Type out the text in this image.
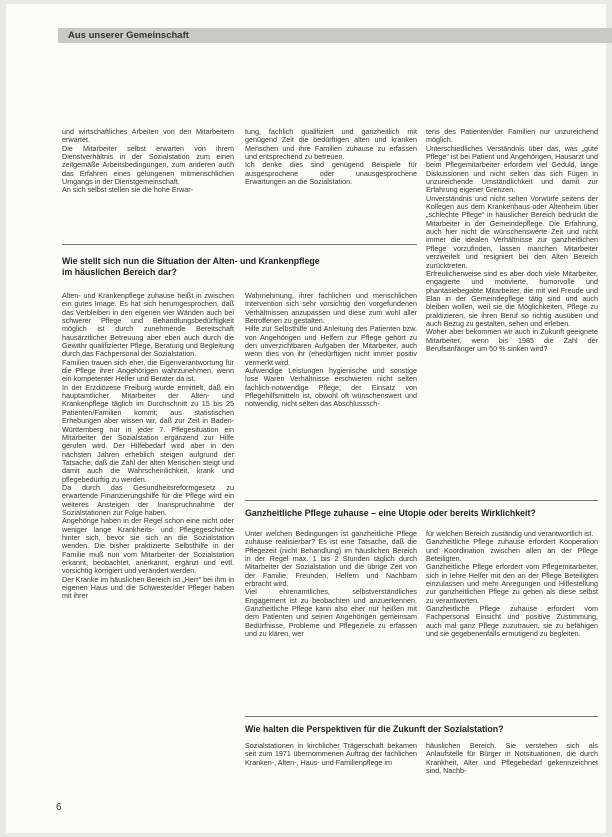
Aus unserer Gemeinschaft

und wirtschaftliches Arbeiten von den Mitarbeitern erwartet.

Die Mitarbeiter selbst erwarten von ihrem Dienstverhältnis in der Sozialstation zum einen zeitgemäße Arbeitsbedingungen, zum anderen auch das Erfahren eines gelungenen mitmenschlichen Umgangs in der Dienstgemeinschaft.

An sich selbst stellen sie die hohe Erwar-

tung, fachlich qualifiziert und ganzheitlich mit genügend Zeit die bedürftigen alten und kranken Menschen und ihre Familien zuhause zu erfassen und entsprechend zu betreuen.

Ich denke dies sind genügend Beispiele für ausgesprochene oder unausgesprochene Erwartungen an die Sozialstation.

tens des Patienten/der Familien nur unzureichend möglich.

Unterschiedliches Verständnis über das, was „gute Pflege“ ist bei Patient und Angehörigen, Hausarzt und beim Pflegemitarbeiter erfordern viel Geduld, lange Diskussionen und nicht selten das sich Fügen in unzureichende Umständlichkeit und damit zur Erfahrung eigener Grenzen.

Unverständnis und nicht selten Vorwürfe seitens der Kollegen aus dem Krankenhaus oder Altenheim über „schlechte Pflege“ in häuslicher Bereich bedrückt die Mitarbeiter in der Gemeindepflege. Die Erfahrung, auch hier nicht die wünschenswerte Zeit und nicht immer die idealen Verhältnisse zur ganzheitlichen Pflege vorzufinden, lassen manchen Mitarbeiter verzweifelt und resigniert bei den Alten Bereich zurücktreten.

Erfreulicherweise sind es aber doch viele Mitarbeiter, engagierte und motivierte, humorvolle und phantasiebegabte Mitarbeiter, die mit viel Freude und Elan in der Gemeindepflege tätig sind und auch bleiben wollen, weil sie die Möglichkeiten, Pflege zu praktizieren, sie ihren Beruf so richtig ausüben und auch Bezug zu gestalten, sehen und erleben.

Woher aber bekommen wir auch in Zukunft geeignete Mitarbeiter, wenn bis 1985 die Zahl der Berufsanfänger um 50 % sinken wird?

Wie stellt sich nun die Situation der Alten- und Krankenpflege
im häuslichen Bereich dar?

Alten- und Krankenpflege zuhause heißt in zwischen ein gutes Image. Es hat sich herumgesprochen, daß das Verbleiben in den eigenen vier Wänden auch bei schwerer Pflege und Behandlungsbedürftigkeit möglich ist durch zunehmende Bereitschaft hausärztlicher Betreuung aber eben auch durch die Gewähr qualifizierter Pflege, Beratung und Begleitung durch das Fachpersonal der Sozialstation.

Familien trauen sich eher, die Eigenverantwortung für die Pflege ihrer Angehörigen wahrzunehmen, wenn ein kompetenter Helfer und Berater da ist.

In der Erzdiözese Freiburg wurde ermittelt, daß ein hauptamtlicher Mitarbeiter der Alten- und Krankenpflege täglich im Durchschnitt zu 15 bis 25 Patienten/Familien kommt; aus statistischen Erhebungen aber wissen wir, daß zur Zeit in Baden-Württemberg nur in jeder 7. Pflegesituation ein Mitarbeiter der Sozialstation ergänzend zur Hilfe gerufen wird. Der Hilfebedarf wird aber in den nächsten Jahren erheblich steigen aufgrund der Tatsache, daß die Zahl der alten Menschen steigt und damit auch die Wahrscheinlichkeit, krank und pflegebedürftig zu werden.

Da durch das Gesundheitsreformgesetz zu erwartende Finanzierungshilfe für die Pflege wird ein weiteres Ansteigen der Inanspruchnahme der Sozialstationen zur Folge haben.

Angehörige haben in der Regel schon eine nicht oder weniger lange Krankheits- und Pflegegeschichte hinter sich, bevor sie sich an die Sozialstation wenden. Die bisher praktizierte Selbsthilfe in der Familie muß nun vom Mitarbeiter der Sozialstation erkannt, beobachtet, anerkannt, ergänzt und evtl. vorsichtig korrigiert und verändert werden.

Der Kranke im häuslichen Bereich ist „Herr“ bei ihm in eigenen Haus und die Schwester/der Pfleger haben mit ihrer

Wahrnehmung, ihrer fachlichen und menschlichen Intervention sich sehr vorsichtig den vorgefundenen Verhältnissen anzupassen und diese zum wohl aller Betroffenen zu gestalten.

Hilfe zur Selbsthilfe und Anleitung des Patienten bzw. von Angehörigen und Helfern zur Pflege gehört zu den unverzichtbaren Aufgaben der Mitarbeiter, auch wenn dies von ihr (ehedürftigen nicht immer positiv vermerkt wird.

Aufwendige Leistungen hygienische und sonstige lose Waren Verhältnisse erschweren nicht selten fachlich-notwendige Pflege; der Einsatz von Pflegehilfsmitteln ist, obwohl oft wünschenswert und notwendig, nicht selten das Abschlusssch-

Ganzheitliche Pflege zuhause – eine Utopie oder bereits Wirklichkeit?

Unter welchen Bedingungen ist ganzheitliche Pflege zuhause realisierbar? Es ist eine Tatsache, daß die Pflegezeit (nicht Behandlung) im häuslichen Bereich in der Regel max. 1 bis 2 Stunden täglich durch Mitarbeiter der Sozialstation und die übrige Zeit von der Familie, Freunden, Helfern und Nachbarn erbracht wird.

Viel ehrenamtliches, selbstverständliches Engagement ist zu beobachten und anzuerkennen. Ganzheitliche Pflege kann also eher nur heißen mit dem Patienten und seinen Angehörigen gemeinsam Bedürfnisse, Probleme und Pflegeziele zu erfassen und zu klären, wer

für welchen Bereich zuständig und verantwortlich ist.

Ganzheitliche Pflege zuhause erfordert Kooperation und Koordination zwischen allen an der Pflege Beteiligten.

Ganzheitliche Pflege erfordert vom Pflegemitarbeiter, sich in Iehre Helfer mit den an der Pflege Beteiligten einzulassen und mehr Anregungen und Hilfestellung zur ganzheitlichen Pflege zu geben als diese selbst zu verantworten.

Ganzheitliche Pflege zuhause erfordert vom Fachpersonal Einsicht und positive Zustimmung, auch mal ganz Pflege zuzutrauen, sie zu befähigen und sie gegebenenfalls ermutigend zu begleiten.

Wie halten die Perspektiven für die Zukunft der Sozialstation?

Sozialstationen in kirchlicher Trägerschaft bekamen seit zum 1971 übernommenen Auftrag der fachlichen Kranken-, Alten-, Haus- und Familienpflege im

häuslichen Bereich. Sie verstehen sich als Anlaufstelle für Bürger in Notsituationen, die durch Krankheit, Alter und Pflegebedarf gekennzeichnet sind, Nachb-

6
